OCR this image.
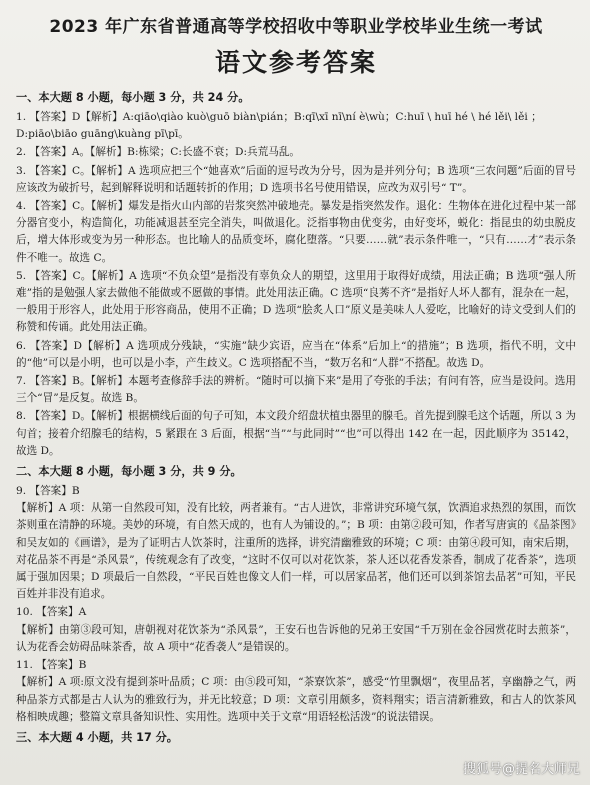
2023 年广东省普通高等学校招收中等职业学校毕业生统一考试
语文参考答案
一、本大题 8 小题，每小题 3 分，共 24 分。

1. 【答案】D【解析】A:qiāo\qiào kuò\guō biàn\pián；B:qī\xī nī\ní è\wù；C:huī \ huī hé \ hé lěi\ lěi ；

D:piāo\biāo guāng\kuàng pī\pī。

2. 【答案】A。【解析】B:栋梁；C:长盛不衰；D:兵荒马乱。

3. 【答案】C。【解析】A 选项应把三个“她喜欢”后面的逗号改为分号，因为是并列分句；B 选项“三农问题”后面的冒号应该改为破折号，起到解释说明和话题转折的作用；D 选项书名号使用错误，应改为双引号“ T”。

4. 【答案】C。【解析】爆发是指火山内部的岩浆突然冲破地壳。暴发是指突然发作。退化：生物体在进化过程中某一部分器官变小，构造简化，功能减退甚至完全消失，叫做退化。泛指事物由优变劣，由好变坏，蜕化：指昆虫的幼虫脱皮后，增大体形或变为另一种形态。也比喻人的品质变坏，腐化堕落。“只要……就”表示条件唯一，“只有……才”表示条件不唯一。故选 C。

5. 【答案】C。【解析】A 选项“不负众望”是指没有辜负众人的期望，这里用于取得好成绩，用法正确；B 选项“强人所难”指的是勉强人家去做他不能做或不愿做的事情。此处用法正确。C 选项“良莠不齐”是指好人坏人都有，混杂在一起，一般用于形容人，此处用于形容商品，使用不正确；D 选项“脍炙人口”原义是美味人人爱吃，比喻好的诗文受到人们的称赞和传诵。此处用法正确。

6. 【答案】D【解析】A 选项成分残缺，“实施”缺少宾语，应当在“体系”后加上“的措施”；B 选项，指代不明，文中的“他”可以是小明，也可以是小李，产生歧义。C 选项搭配不当，“数万名和“人群”不搭配。故选 D。

7. 【答案】B。【解析】本题考查修辞手法的辨析。“随时可以摘下来”是用了夸张的手法；有问有答，应当是设问。选用三个“冒”是反复。故选 B。

8. 【答案】D。【解析】根据横线后面的句子可知，本文段介绍盘状植虫器里的腺毛。首先提到腺毛这个话题，所以 3 为句首；接着介绍腺毛的结构，5 紧跟在 3 后面，根据“当”“与此同时”“也”可以得出 142 在一起，因此顺序为 35142，故选 D。

二、本大题 8 小题，每小题 3 分，共 9 分。

9. 【答案】B

【解析】A 项：从第一自然段可知，没有比较，两者兼有。“古人进饮，非常讲究环境气氛，饮酒追求热烈的氛围，而饮茶则重在清静的环境。美妙的环境，有自然天成的，也有人为铺设的。”；B 项：由第②段可知，作者写唐寅的《品茶图》和吴友如的《画谱》，是为了证明古人饮茶时，注重所的选择，讲究清幽雅致的环境；C 项：由第④段可知，南宋后期，对花品茶不再是“杀风景”，传统观念有了改变，“这时不仅可以对花饮茶，茶人还以花香发茶香，制成了花香茶”，选项属于强加因果；D 项最后一自然段，“平民百姓也像文人们一样，可以居家品茗，他们还可以到茶馆去品茗”可知，平民百姓并非没有追求。

10. 【答案】A

【解析】由第③段可知，唐朝视对花饮茶为“杀风景”，王安石也告诉他的兄弟王安国“千万别在金谷园赏花时去煎茶”，认为花香会妨碍品味茶香，故 A 项中“花香袭人”是错误的。

11. 【答案】B

【解析】A 项:原文没有提到茶叶品质；C 项：由⑤段可知，“茶寮饮茶”，感受“竹里飘烟”，夜里品茗，享幽静之气，两种品茶方式都是古人认为的雅致行为，并无比较意；D 项：文章引用颇多，资料翔实；语言清新雅致，和古人的饮茶风格相映成趣；整篇文章具备知识性、实用性。选项中关于文章“用语轻松活泼”的说法错误。

三、本大题 4 小题，共 17 分。
搜狐号@提名大师兄
